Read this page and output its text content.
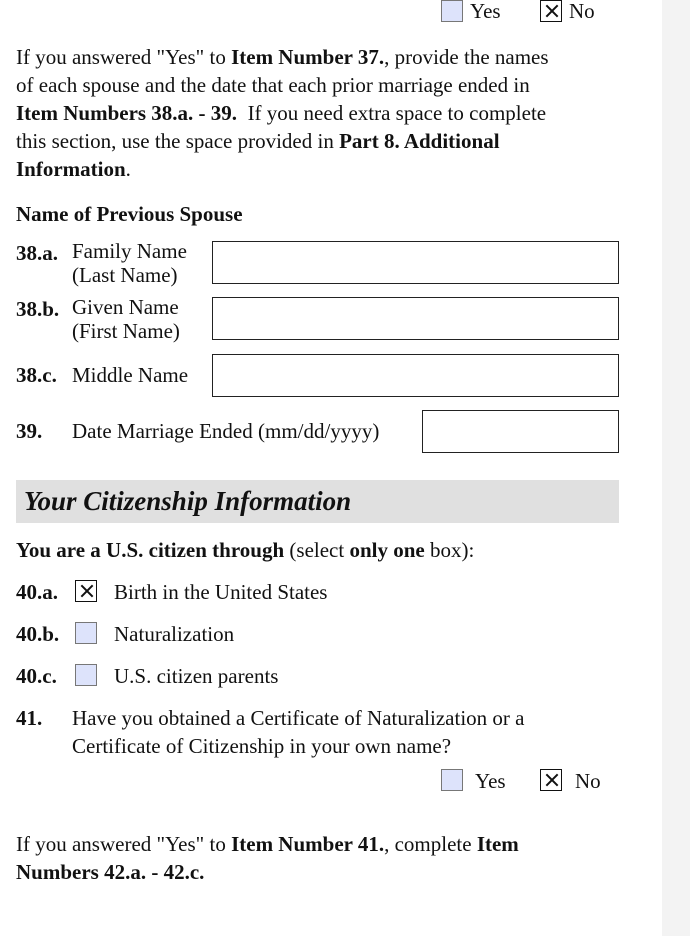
Yes	No
If you answered "Yes" to Item Number 37., provide the names
of each spouse and the date that each prior marriage ended in
Item Numbers 38.a. - 39.  If you need extra space to complete
this section, use the space provided in Part 8. Additional
Information.
Name of Previous Spouse
38.a. Family Name
(Last Name)
38.b. Given Name
(First Name)
38.c. Middle Name
39. Date Marriage Ended (mm/dd/yyyy)
Your Citizenship Information
You are a U.S. citizen through (select only one box):
40.a.	Birth in the United States
40.b.	Naturalization
40.c.	U.S. citizen parents
41. Have you obtained a Certificate of Naturalization or a
Certificate of Citizenship in your own name?
Yes	No
If you answered "Yes" to Item Number 41., complete Item
Numbers 42.a. - 42.c.
